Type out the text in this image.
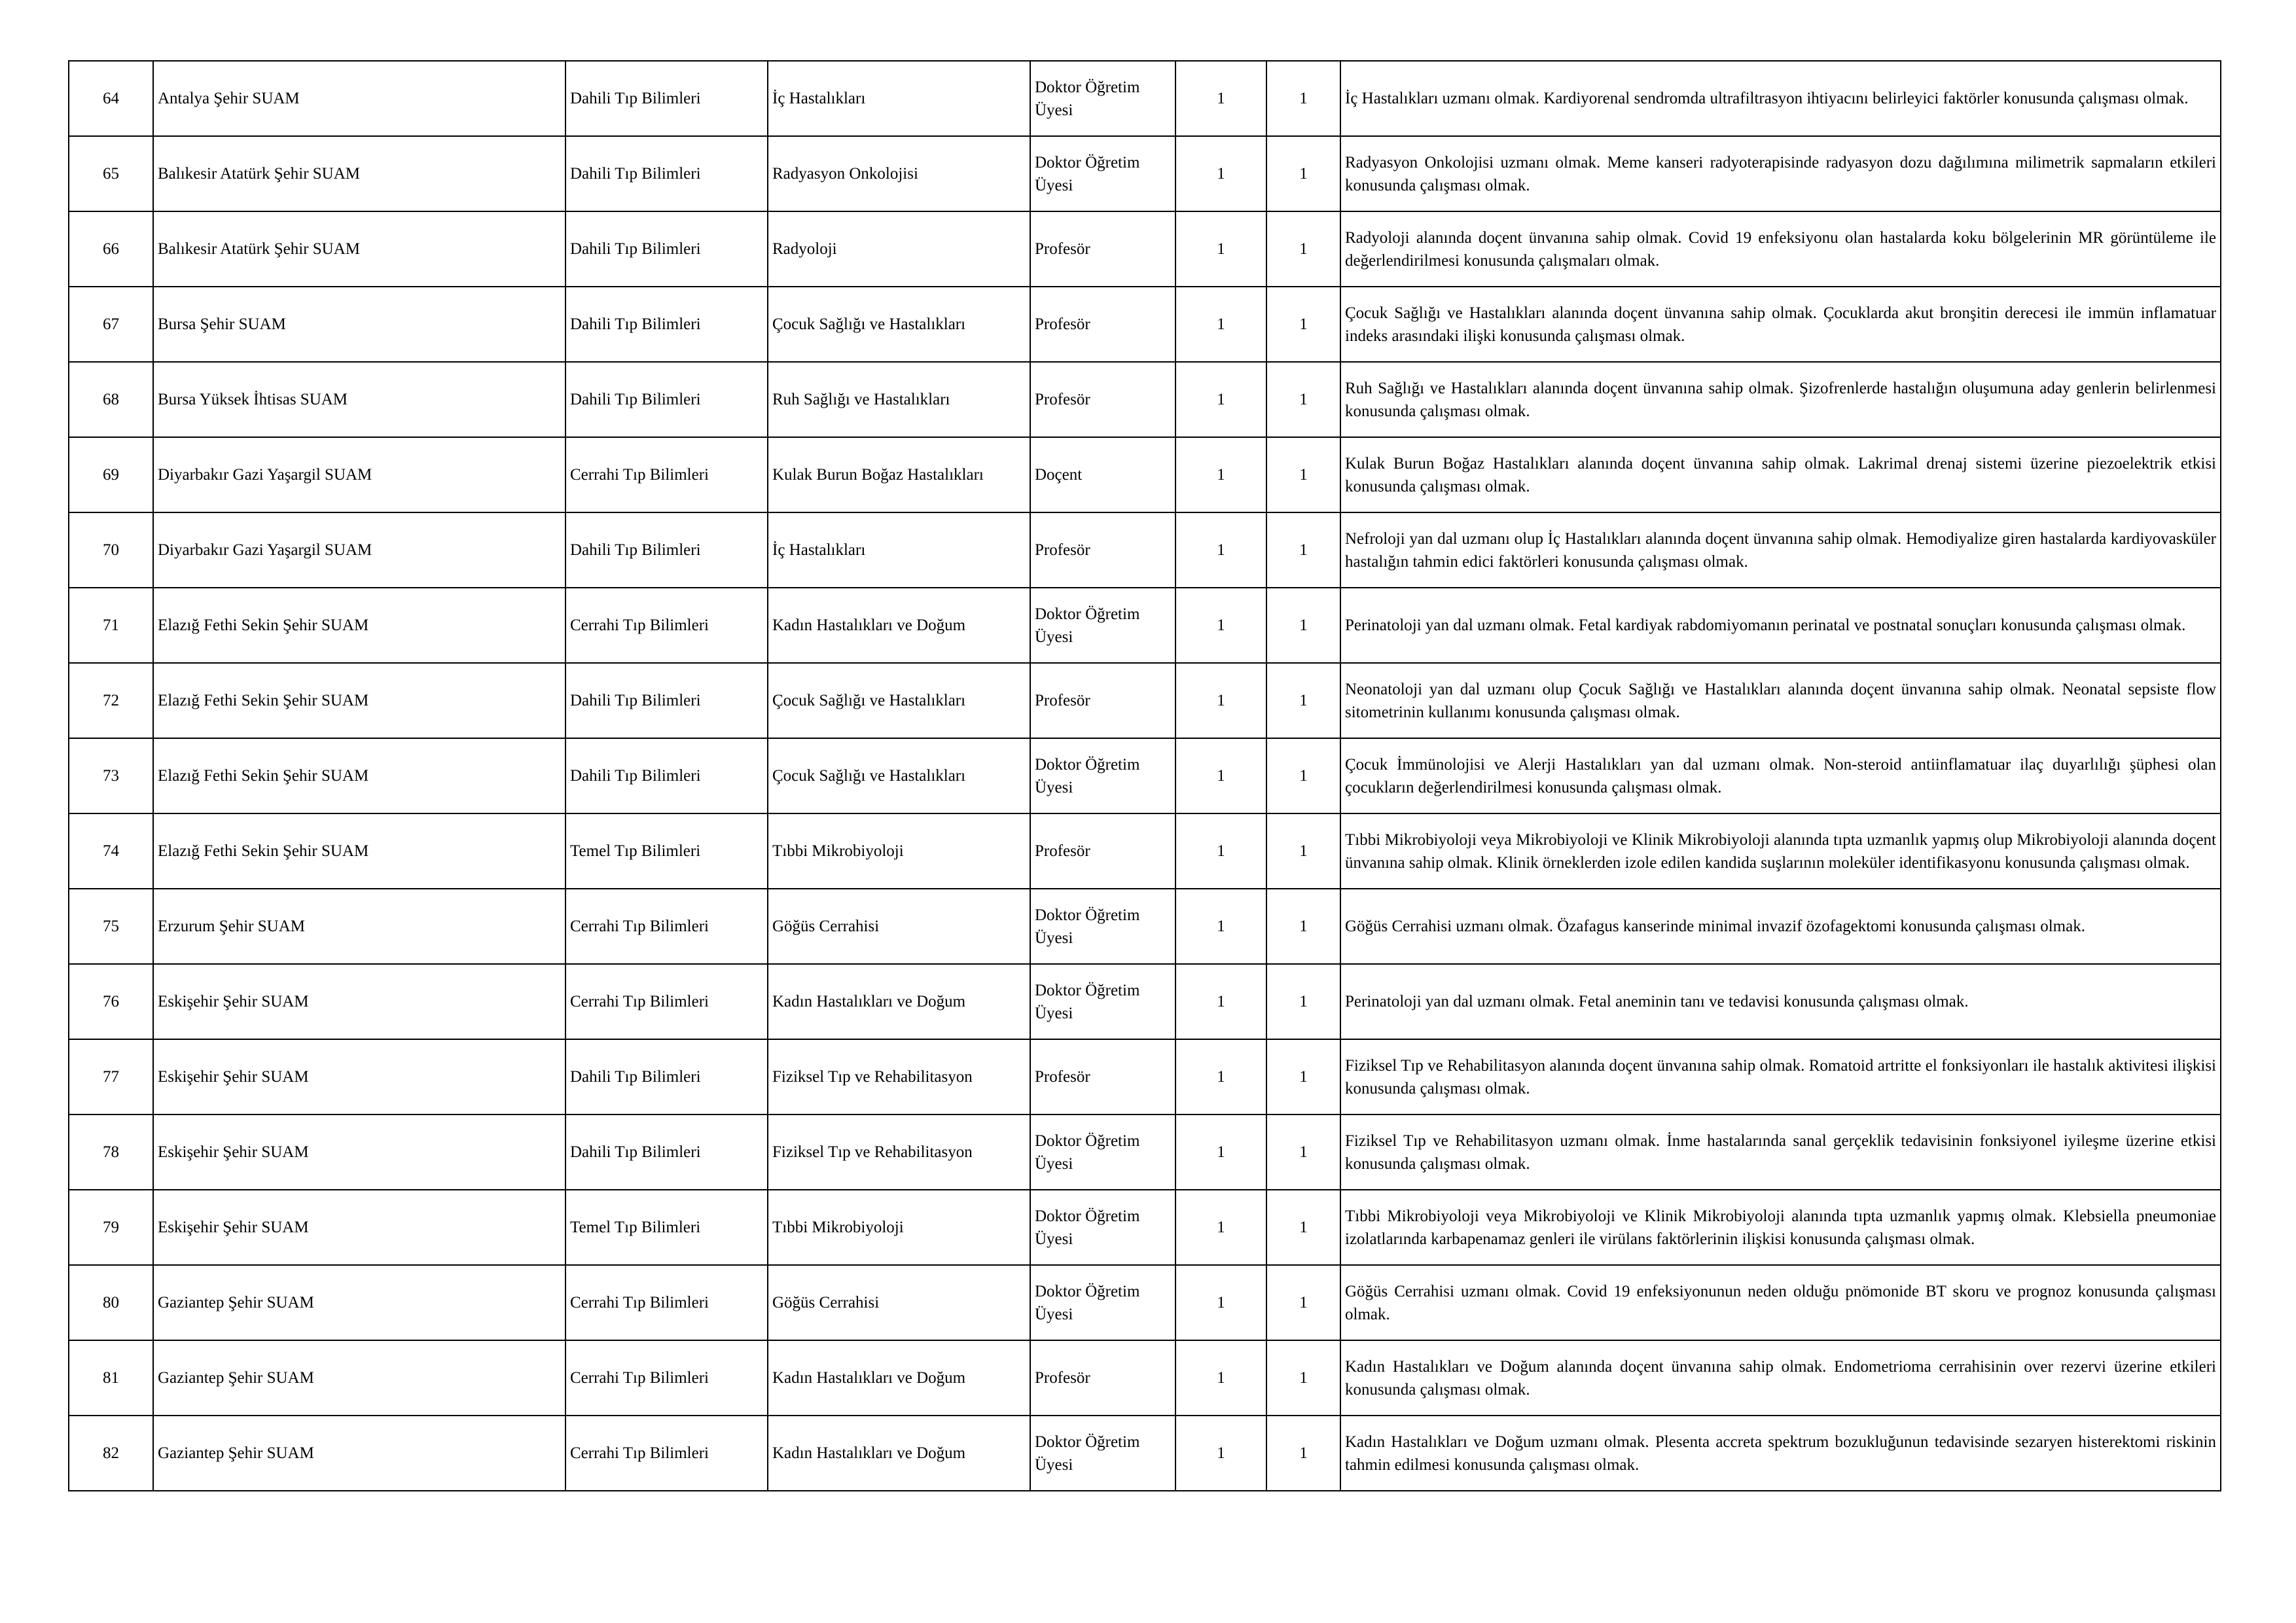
64	Antalya Şehir SUAM	Dahili Tıp Bilimleri	İç Hastalıkları	Doktor Öğretim Üyesi	1	1	İç Hastalıkları uzmanı olmak. Kardiyorenal sendromda ultrafiltrasyon ihtiyacını belirleyici faktörler konusunda çalışması olmak.
65	Balıkesir Atatürk Şehir SUAM	Dahili Tıp Bilimleri	Radyasyon Onkolojisi	Doktor Öğretim Üyesi	1	1	Radyasyon Onkolojisi uzmanı olmak. Meme kanseri radyoterapisinde radyasyon dozu dağılımına milimetrik sapmaların etkileri konusunda çalışması olmak.
66	Balıkesir Atatürk Şehir SUAM	Dahili Tıp Bilimleri	Radyoloji	Profesör	1	1	Radyoloji alanında doçent ünvanına sahip olmak. Covid 19 enfeksiyonu olan hastalarda koku bölgelerinin MR görüntüleme ile değerlendirilmesi konusunda çalışmaları olmak.
67	Bursa Şehir SUAM	Dahili Tıp Bilimleri	Çocuk Sağlığı ve Hastalıkları	Profesör	1	1	Çocuk Sağlığı ve Hastalıkları alanında doçent ünvanına sahip olmak. Çocuklarda akut bronşitin derecesi ile immün inflamatuar indeks arasındaki ilişki konusunda çalışması olmak.
68	Bursa Yüksek İhtisas SUAM	Dahili Tıp Bilimleri	Ruh Sağlığı ve Hastalıkları	Profesör	1	1	Ruh Sağlığı ve Hastalıkları alanında doçent ünvanına sahip olmak. Şizofrenlerde hastalığın oluşumuna aday genlerin belirlenmesi konusunda çalışması olmak.
69	Diyarbakır Gazi Yaşargil SUAM	Cerrahi Tıp Bilimleri	Kulak Burun Boğaz Hastalıkları	Doçent	1	1	Kulak Burun Boğaz Hastalıkları alanında doçent ünvanına sahip olmak. Lakrimal drenaj sistemi üzerine piezoelektrik etkisi konusunda çalışması olmak.
70	Diyarbakır Gazi Yaşargil SUAM	Dahili Tıp Bilimleri	İç Hastalıkları	Profesör	1	1	Nefroloji yan dal uzmanı olup İç Hastalıkları alanında doçent ünvanına sahip olmak. Hemodiyalize giren hastalarda kardiyovasküler hastalığın tahmin edici faktörleri konusunda çalışması olmak.
71	Elazığ Fethi Sekin Şehir SUAM	Cerrahi Tıp Bilimleri	Kadın Hastalıkları ve Doğum	Doktor Öğretim Üyesi	1	1	Perinatoloji yan dal uzmanı olmak. Fetal kardiyak rabdomiyomanın perinatal ve postnatal sonuçları konusunda çalışması olmak.
72	Elazığ Fethi Sekin Şehir SUAM	Dahili Tıp Bilimleri	Çocuk Sağlığı ve Hastalıkları	Profesör	1	1	Neonatoloji yan dal uzmanı olup Çocuk Sağlığı ve Hastalıkları alanında doçent ünvanına sahip olmak. Neonatal sepsiste flow sitometrinin kullanımı konusunda çalışması olmak.
73	Elazığ Fethi Sekin Şehir SUAM	Dahili Tıp Bilimleri	Çocuk Sağlığı ve Hastalıkları	Doktor Öğretim Üyesi	1	1	Çocuk İmmünolojisi ve Alerji Hastalıkları yan dal uzmanı olmak. Non-steroid antiinflamatuar ilaç duyarlılığı şüphesi olan çocukların değerlendirilmesi konusunda çalışması olmak.
74	Elazığ Fethi Sekin Şehir SUAM	Temel Tıp Bilimleri	Tıbbi Mikrobiyoloji	Profesör	1	1	Tıbbi Mikrobiyoloji veya Mikrobiyoloji ve Klinik Mikrobiyoloji alanında tıpta uzmanlık yapmış olup Mikrobiyoloji alanında doçent ünvanına sahip olmak. Klinik örneklerden izole edilen kandida suşlarının moleküler identifikasyonu konusunda çalışması olmak.
75	Erzurum Şehir SUAM	Cerrahi Tıp Bilimleri	Göğüs Cerrahisi	Doktor Öğretim Üyesi	1	1	Göğüs Cerrahisi uzmanı olmak. Özafagus kanserinde minimal invazif özofagektomi konusunda çalışması olmak.
76	Eskişehir Şehir SUAM	Cerrahi Tıp Bilimleri	Kadın Hastalıkları ve Doğum	Doktor Öğretim Üyesi	1	1	Perinatoloji yan dal uzmanı olmak. Fetal aneminin tanı ve tedavisi konusunda çalışması olmak.
77	Eskişehir Şehir SUAM	Dahili Tıp Bilimleri	Fiziksel Tıp ve Rehabilitasyon	Profesör	1	1	Fiziksel Tıp ve Rehabilitasyon alanında doçent ünvanına sahip olmak. Romatoid artritte el fonksiyonları ile hastalık aktivitesi ilişkisi konusunda çalışması olmak.
78	Eskişehir Şehir SUAM	Dahili Tıp Bilimleri	Fiziksel Tıp ve Rehabilitasyon	Doktor Öğretim Üyesi	1	1	Fiziksel Tıp ve Rehabilitasyon uzmanı olmak. İnme hastalarında sanal gerçeklik tedavisinin fonksiyonel iyileşme üzerine etkisi konusunda çalışması olmak.
79	Eskişehir Şehir SUAM	Temel Tıp Bilimleri	Tıbbi Mikrobiyoloji	Doktor Öğretim Üyesi	1	1	Tıbbi Mikrobiyoloji veya Mikrobiyoloji ve Klinik Mikrobiyoloji alanında tıpta uzmanlık yapmış olmak. Klebsiella pneumoniae izolatlarında karbapenamaz genleri ile virülans faktörlerinin ilişkisi konusunda çalışması olmak.
80	Gaziantep Şehir SUAM	Cerrahi Tıp Bilimleri	Göğüs Cerrahisi	Doktor Öğretim Üyesi	1	1	Göğüs Cerrahisi uzmanı olmak. Covid 19 enfeksiyonunun neden olduğu pnömonide BT skoru ve prognoz konusunda çalışması olmak.
81	Gaziantep Şehir SUAM	Cerrahi Tıp Bilimleri	Kadın Hastalıkları ve Doğum	Profesör	1	1	Kadın Hastalıkları ve Doğum alanında doçent ünvanına sahip olmak. Endometrioma cerrahisinin over rezervi üzerine etkileri konusunda çalışması olmak.
82	Gaziantep Şehir SUAM	Cerrahi Tıp Bilimleri	Kadın Hastalıkları ve Doğum	Doktor Öğretim Üyesi	1	1	Kadın Hastalıkları ve Doğum uzmanı olmak. Plesenta accreta spektrum bozukluğunun tedavisinde sezaryen histerektomi riskinin tahmin edilmesi konusunda çalışması olmak.
